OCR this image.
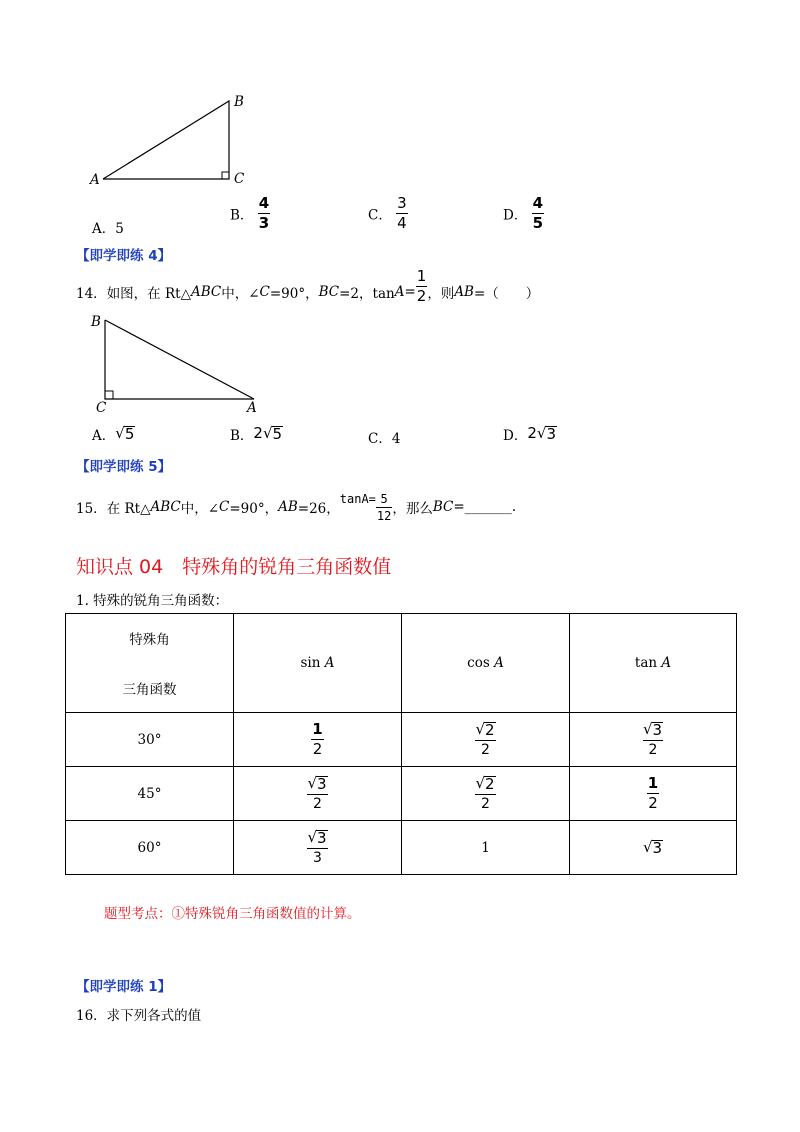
A
B
C
A．5
B． $\frac{4}{3}$	C． $\frac{3}{4}$	D． $\frac{4}{5}$
【即学即练 4】
14． 如图，在 Rt△ ABC 中，∠ C =90°， BC =2，$\tan A = \frac{1}{2}$ ，则 AB =（　　）
B
C	A
A． √ 5	B． 2 √ 5	C．4	D． 2 √ 3
【即学即练 5】
15． 在 Rt△ ABC 中，∠ C =90°， AB =26，
$\tan A= \frac{5}{12}$ ，那么 BC =_______.
知识点 04　特殊角的锐角三角函数值
1. 特殊的锐角三角函数：
特殊角
三角函数	sin A	cos A	tan A
30°	$\frac{1}{2}$	$\frac{√ 2}{2}$	$\frac{√ 3}{2}$

45°	$\frac{√ 3}{2}$	$\frac{√ 2}{2}$	$\frac{1}{2}$

60°	$\frac{√ 3}{3}$	1	√ 3
题型考点：①特殊锐角三角函数值的计算。
【即学即练 1】
16．求下列各式的值
